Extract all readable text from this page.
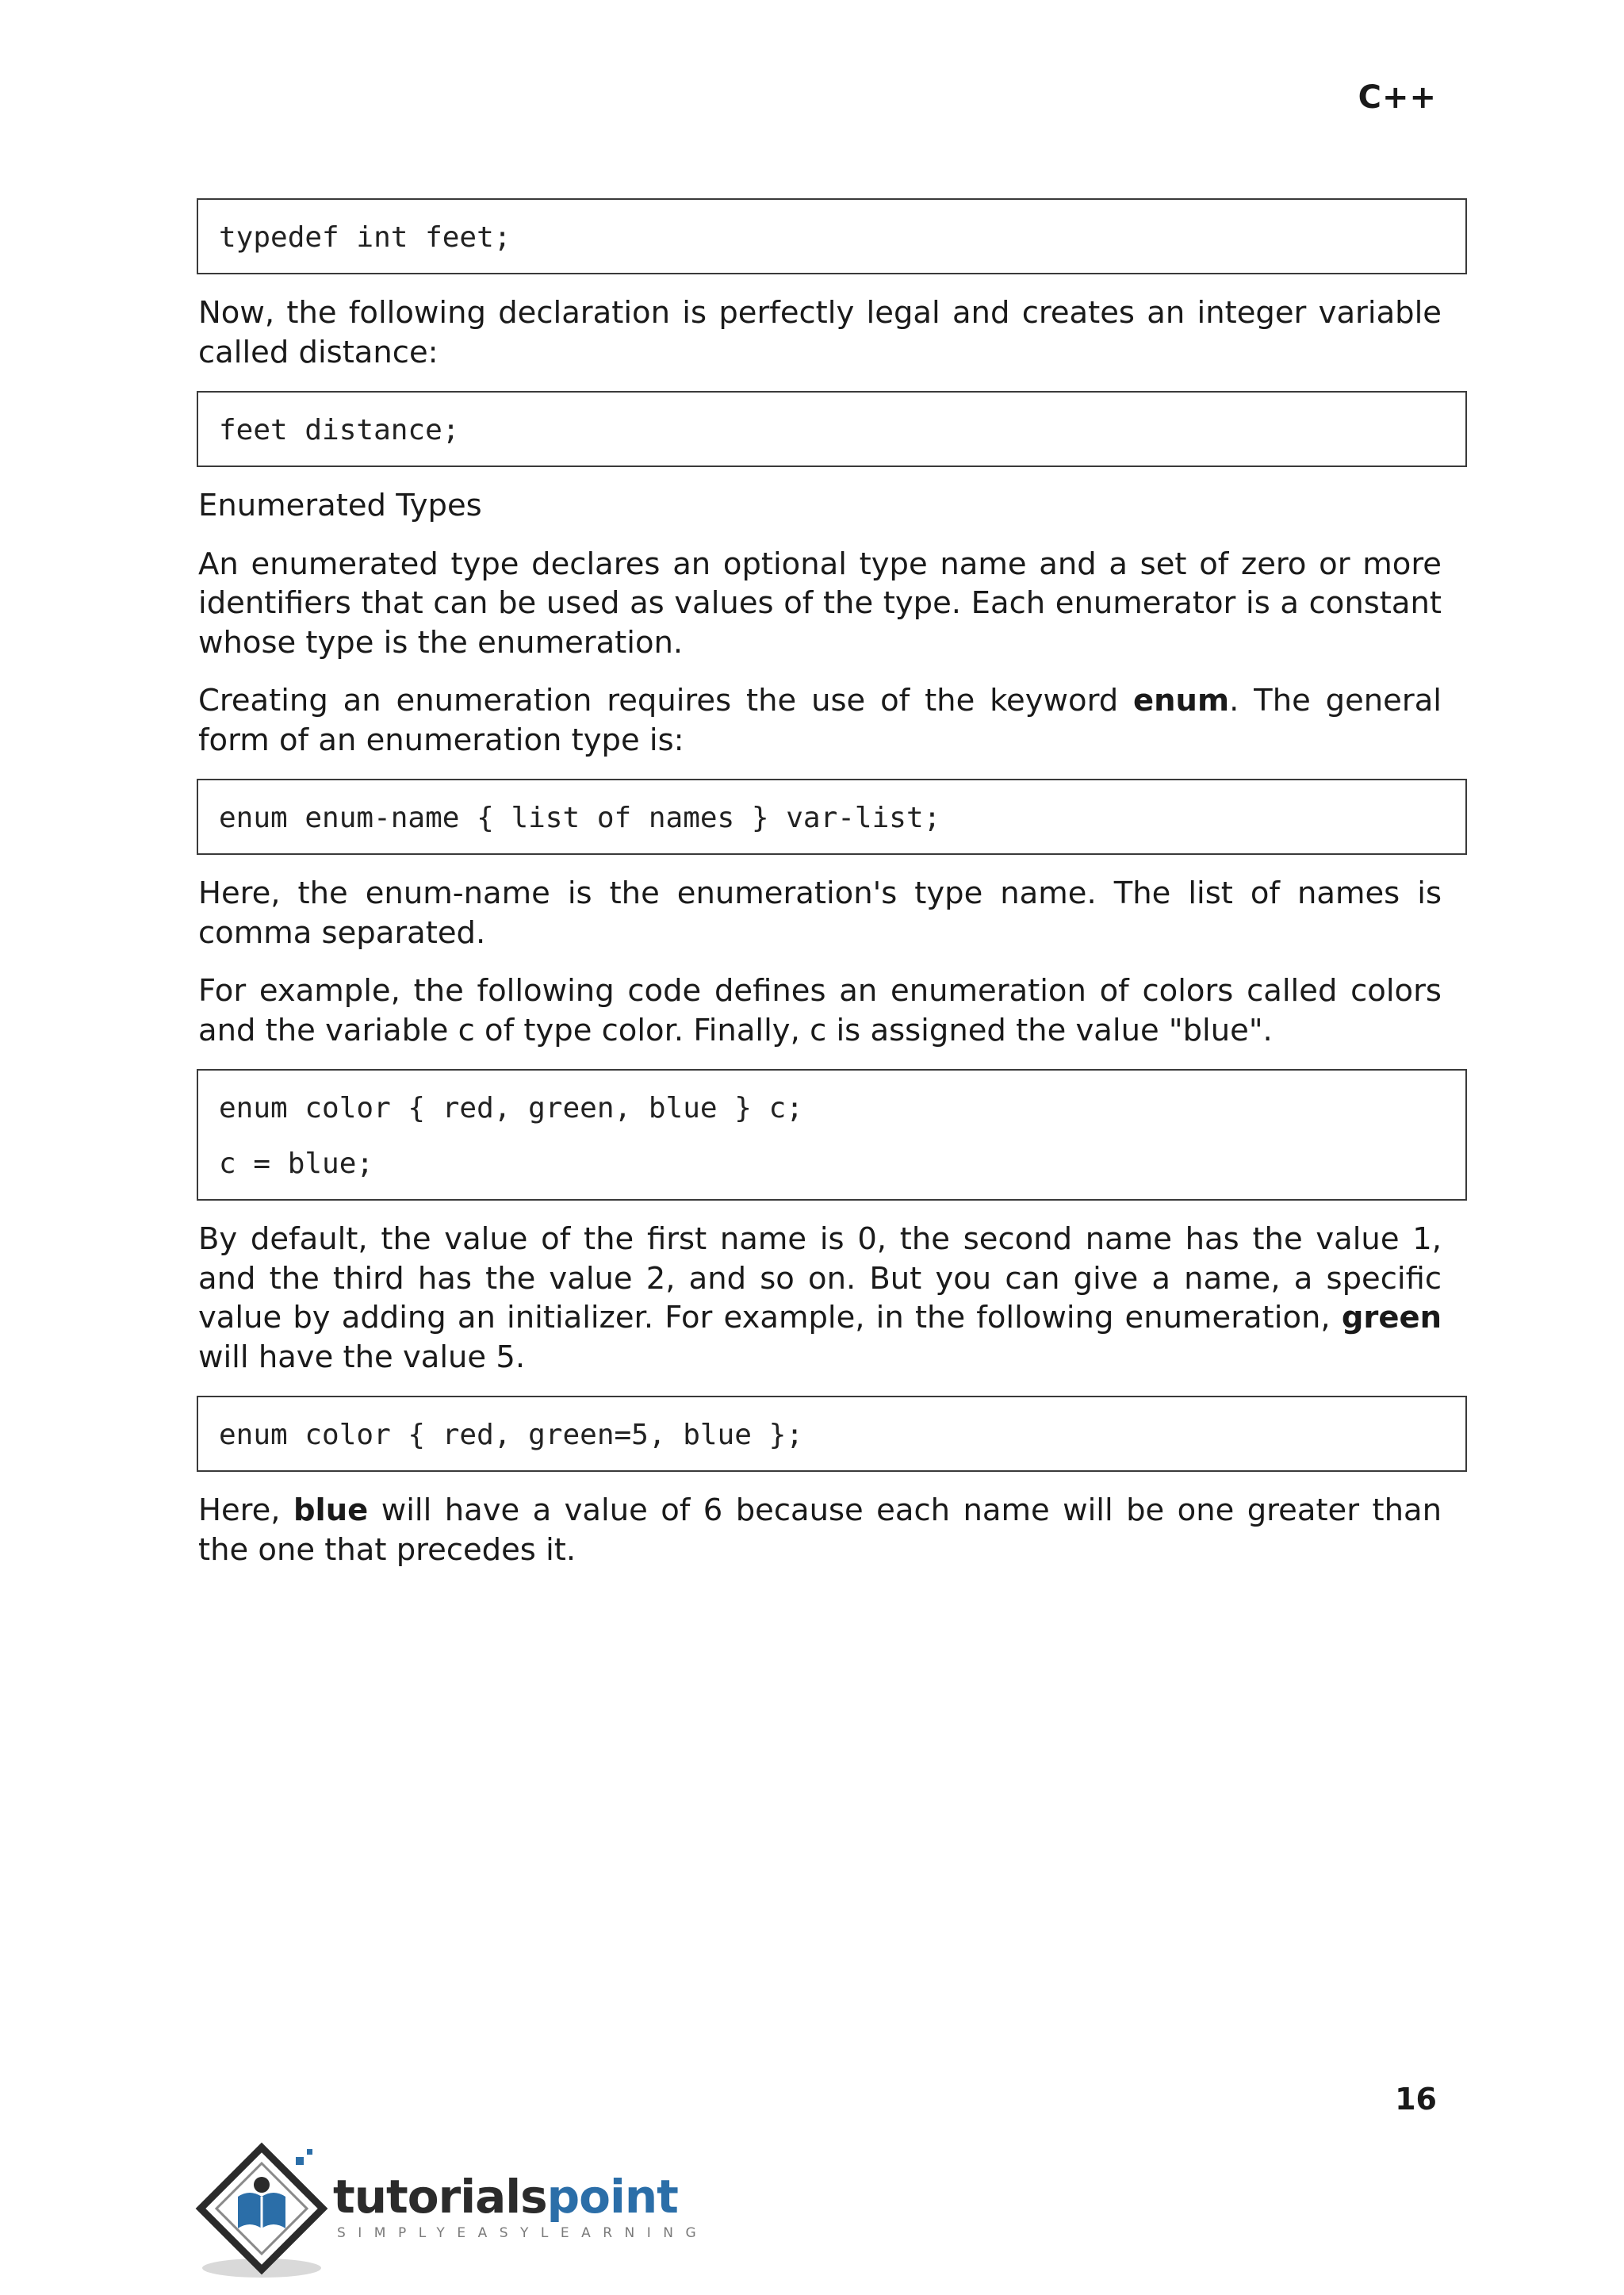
C++
typedef int feet;

Now, the following declaration is perfectly legal and creates an integer variable called distance:

feet distance;
Enumerated Types

An enumerated type declares an optional type name and a set of zero or more identifiers that can be used as values of the type. Each enumerator is a constant whose type is the enumeration.

Creating an enumeration requires the use of the keyword enum. The general form of an enumeration type is:

enum enum-name { list of names } var-list;

Here, the enum-name is the enumeration's type name. The list of names is comma separated.

For example, the following code defines an enumeration of colors called colors and the variable c of type color. Finally, c is assigned the value "blue".

enum color { red, green, blue } c;
c = blue;

By default, the value of the first name is 0, the second name has the value 1, and the third has the value 2, and so on. But you can give a name, a specific value by adding an initializer. For example, in the following enumeration, green will have the value 5.

enum color { red, green=5, blue };

Here, blue will have a value of 6 because each name will be one greater than the one that precedes it.

16
tutorialspoint
SIMPLYEASYLEARNING
